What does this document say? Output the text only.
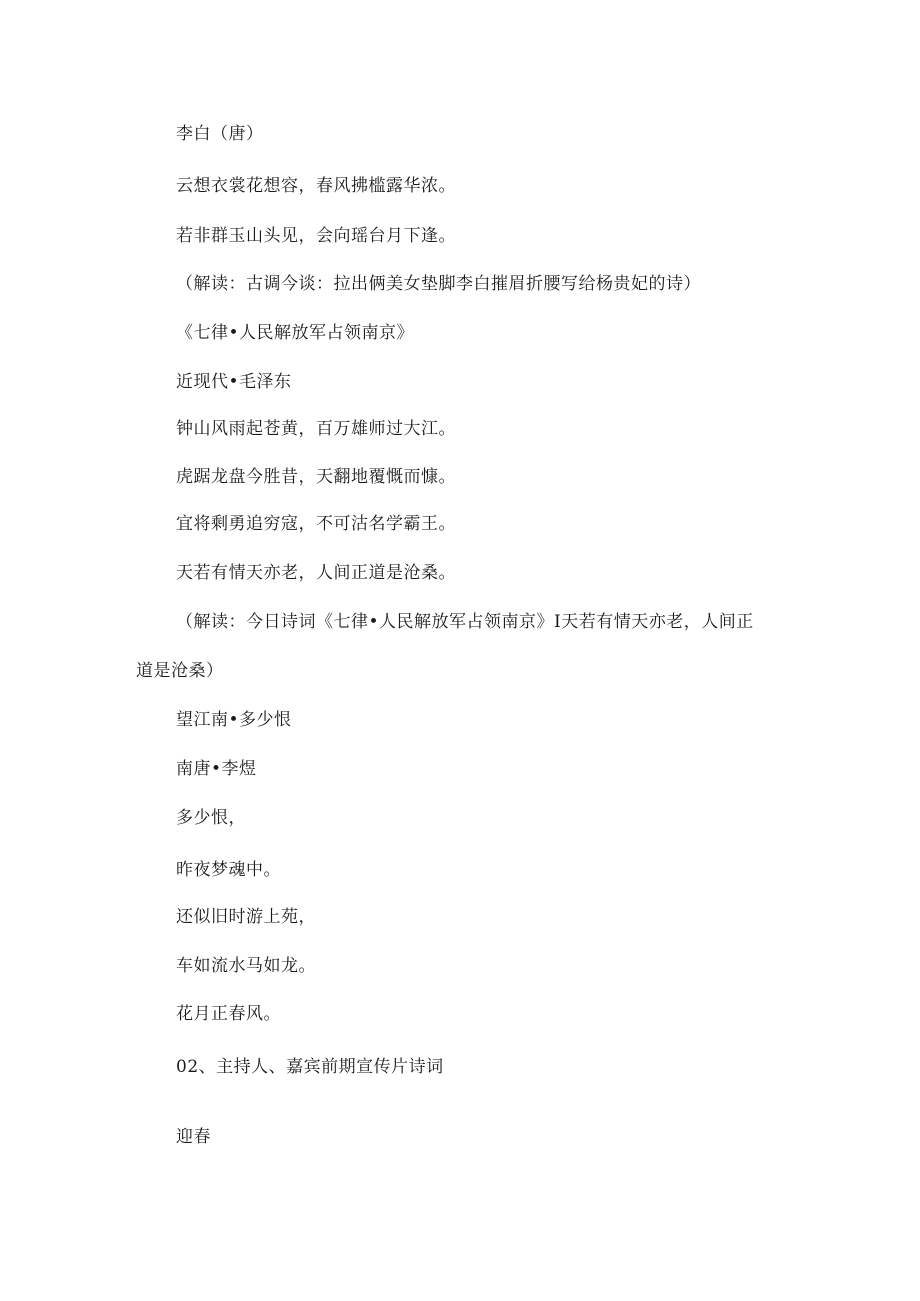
李白（唐）
云想衣裳花想容，春风拂槛露华浓。
若非群玉山头见，会向瑶台月下逢。
（解读：古调今谈：拉出俩美女垫脚李白摧眉折腰写给杨贵妃的诗）
《七律•人民解放军占领南京》
近现代•毛泽东
钟山风雨起苍黄，百万雄师过大江。
虎踞龙盘今胜昔，天翻地覆慨而慷。
宜将剩勇追穷寇，不可沽名学霸王。
天若有情天亦老，人间正道是沧桑。
（解读：今日诗词《七律•人民解放军占领南京》I天若有情天亦老，人间正
道是沧桑）
望江南•多少恨
南唐•李煜
多少恨，
昨夜梦魂中。
还似旧时游上苑，
车如流水马如龙。
花月正春风。
02、主持人、嘉宾前期宣传片诗词
迎春
